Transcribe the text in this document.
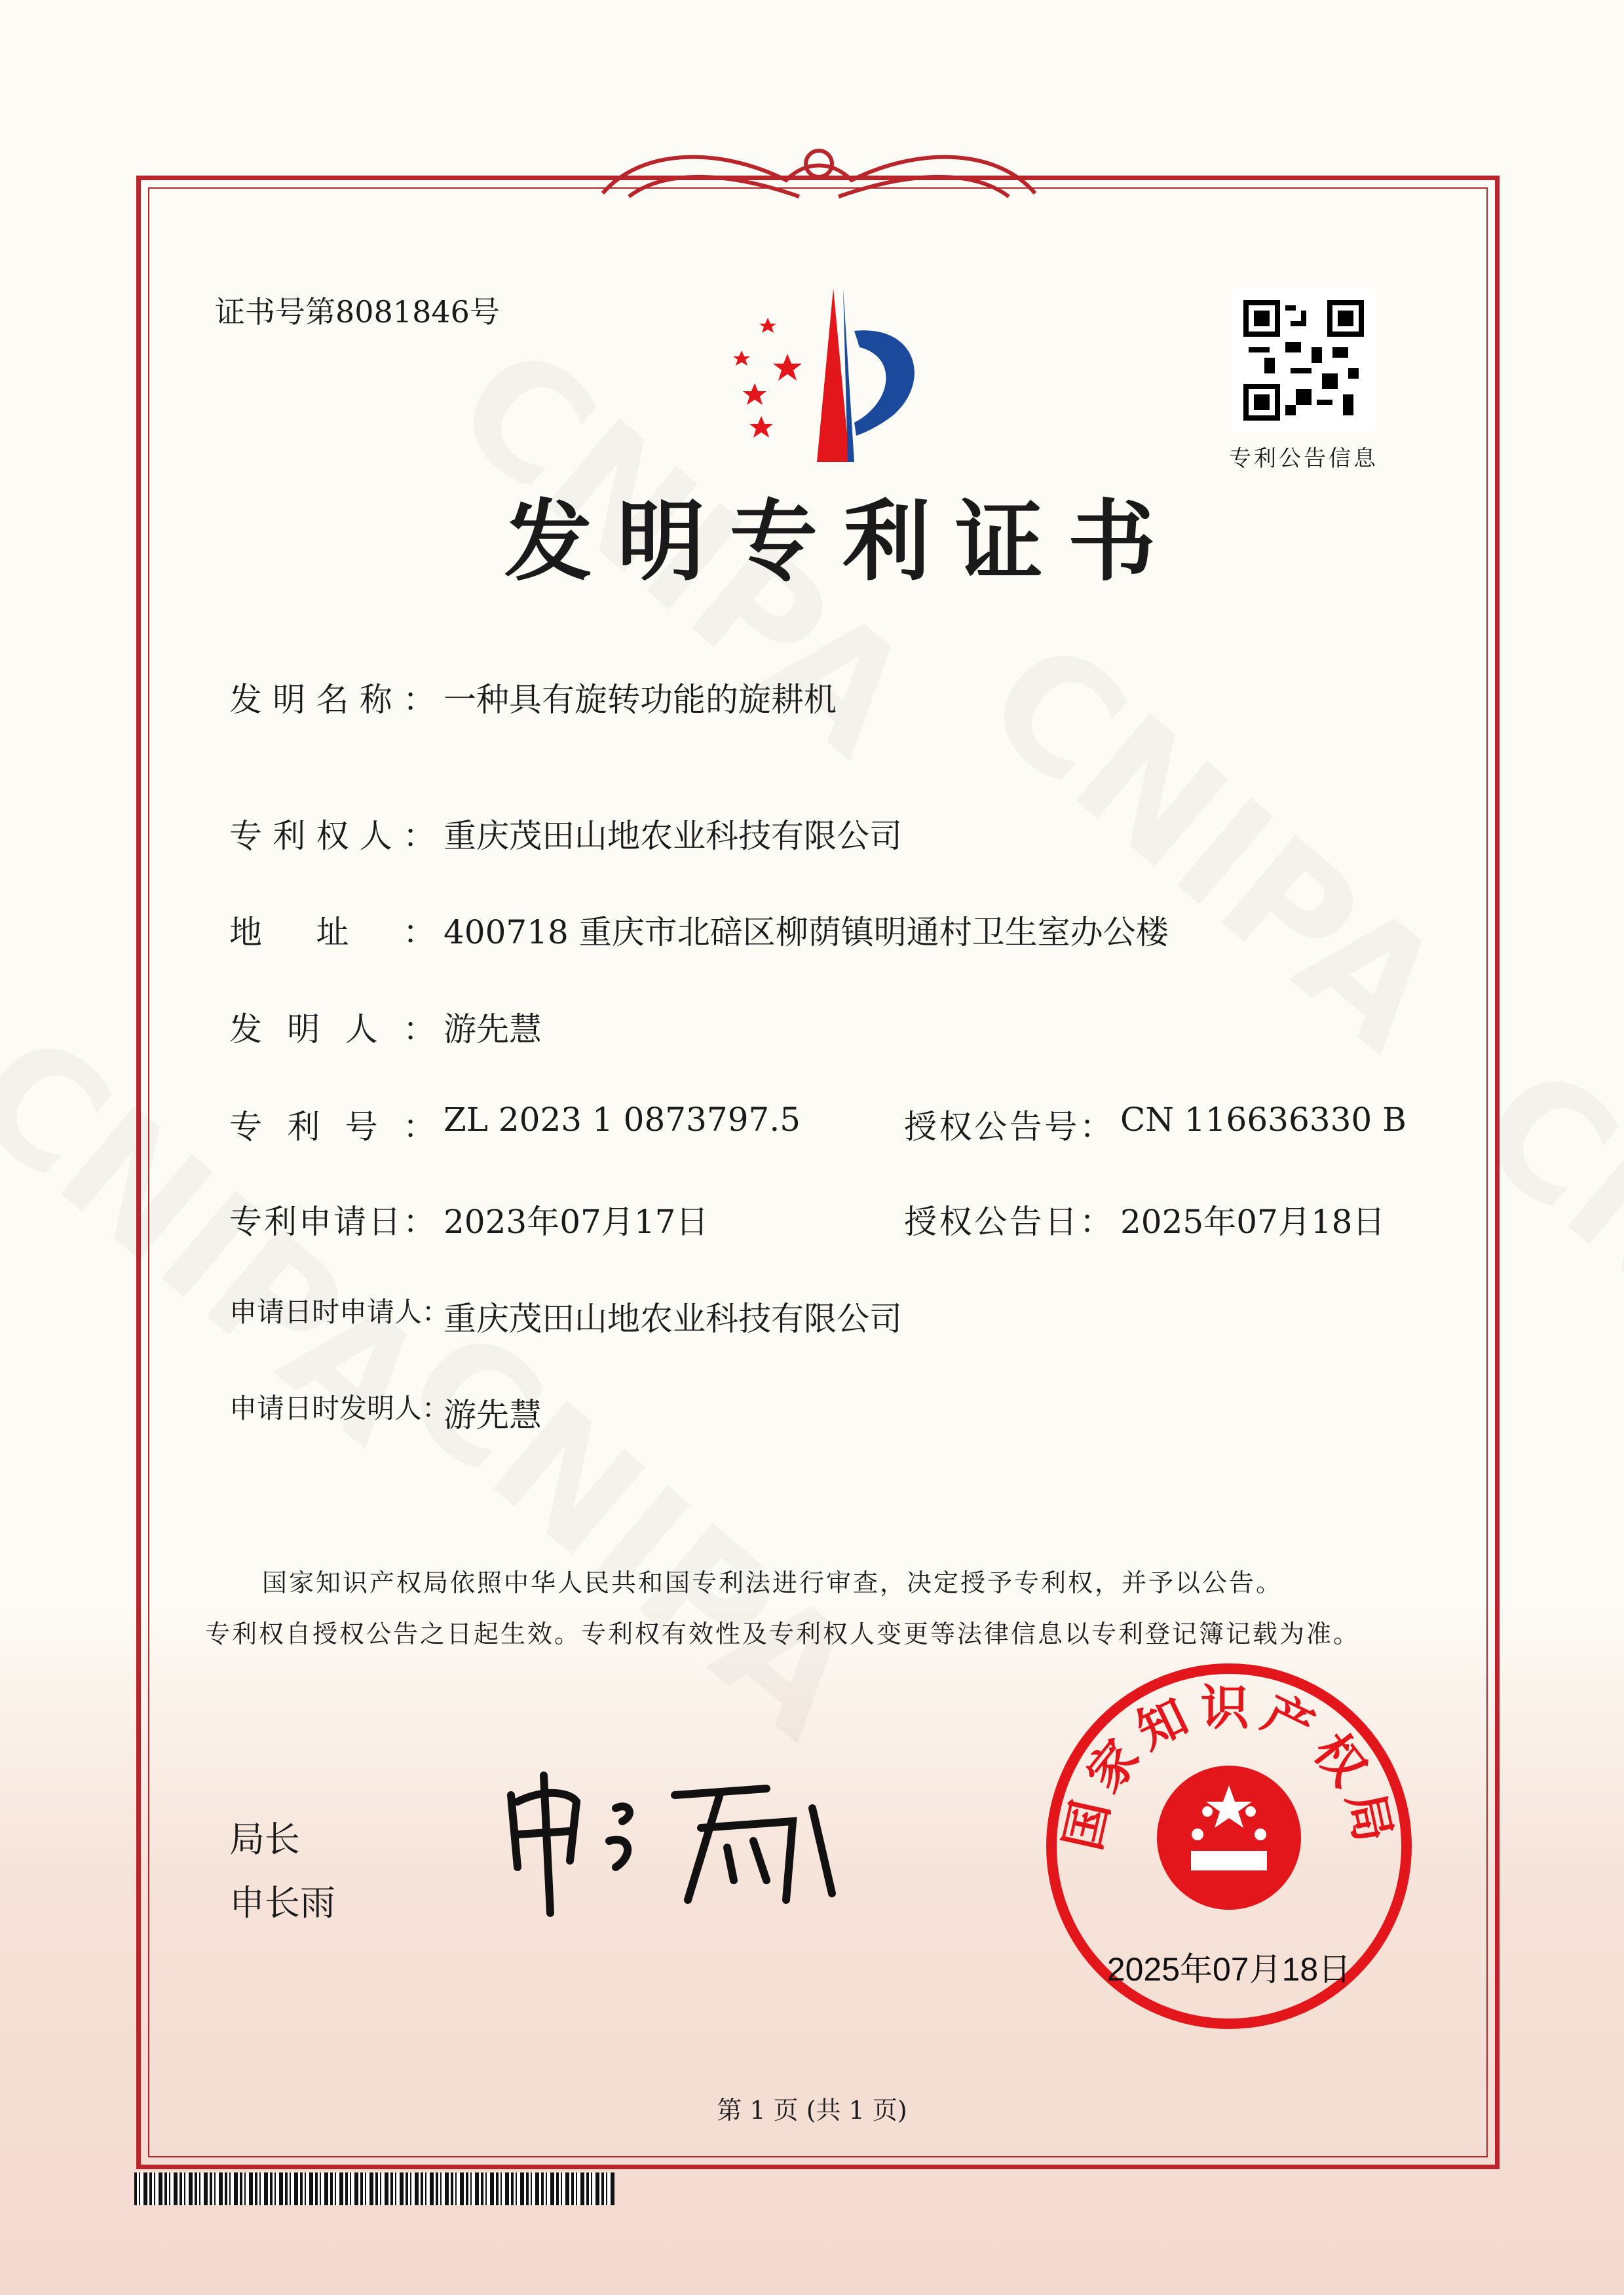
证书号第8081846号
专利公告信息
发明专利证书
发明名称： 一种具有旋转功能的旋耕机
专利权人： 重庆茂田山地农业科技有限公司
地址： 400718 重庆市北碚区柳荫镇明通村卫生室办公楼
发明人： 游先慧
专利号： ZL 2023 1 0873797.5	授权公告号： CN 116636330 B
专利申请日： 2023年07月17日	授权公告日： 2025年07月18日
申请日时申请人：
重庆茂田山地农业科技有限公司
申请日时发明人：
游先慧
国家知识产权局依照中华人民共和国专利法进行审查，决定授予专利权，并予以公告。
专利权自授权公告之日起生效。专利权有效性及专利权人变更等法律信息以专利登记簿记载为准。
局长
申长雨
国家知识产权局
2025年07月18日
第 1 页 (共 1 页)
